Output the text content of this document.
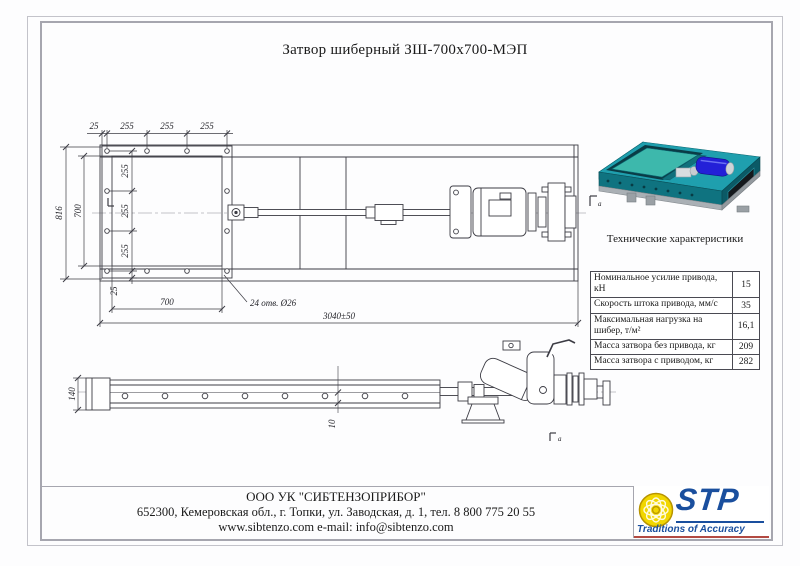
Затвор шиберный ЗШ-700х700-МЭП
а
25 255	255	255
816 700
255
255
255
25
700	24 отв. Ø26
3040±50
а
140
10
Технические характеристики
Номинальное усилие привода, кН	15
Скорость штока привода, мм/с	35
Максимальная нагрузка на шибер, т/м²	16,1
Масса затвора без привода, кг	209
Масса затвора с приводом, кг	282
ООО УК "СИБТЕНЗОПРИБОР"
652300, Кемеровская обл., г. Топки, ул. Заводская, д. 1, тел. 8 800 775 20 55
www.sibtenzo.com e-mail: info@sibtenzo.com
STP
Traditions of Accuracy
